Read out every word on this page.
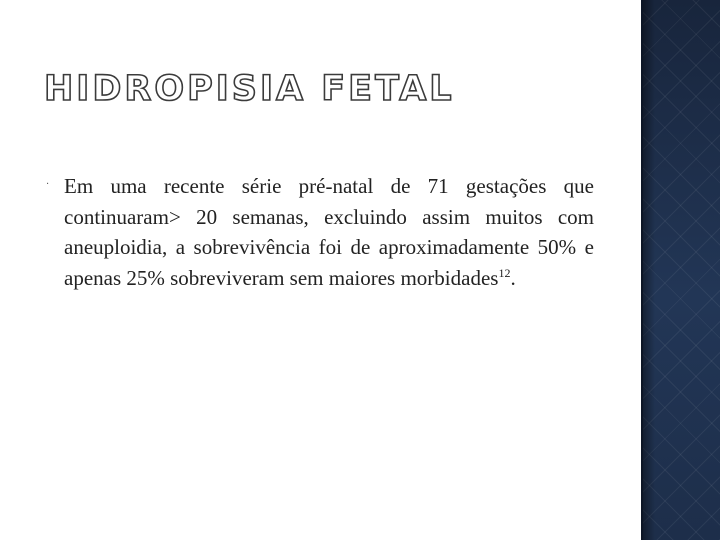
HIDROPISIA FETAL
· Em uma recente série pré-natal de 71 gestações que continuaram> 20 semanas, excluindo assim muitos com aneuploidia, a sobrevivência foi de aproximadamente 50% e apenas 25% sobreviveram sem maiores morbidades$^{12}$.
